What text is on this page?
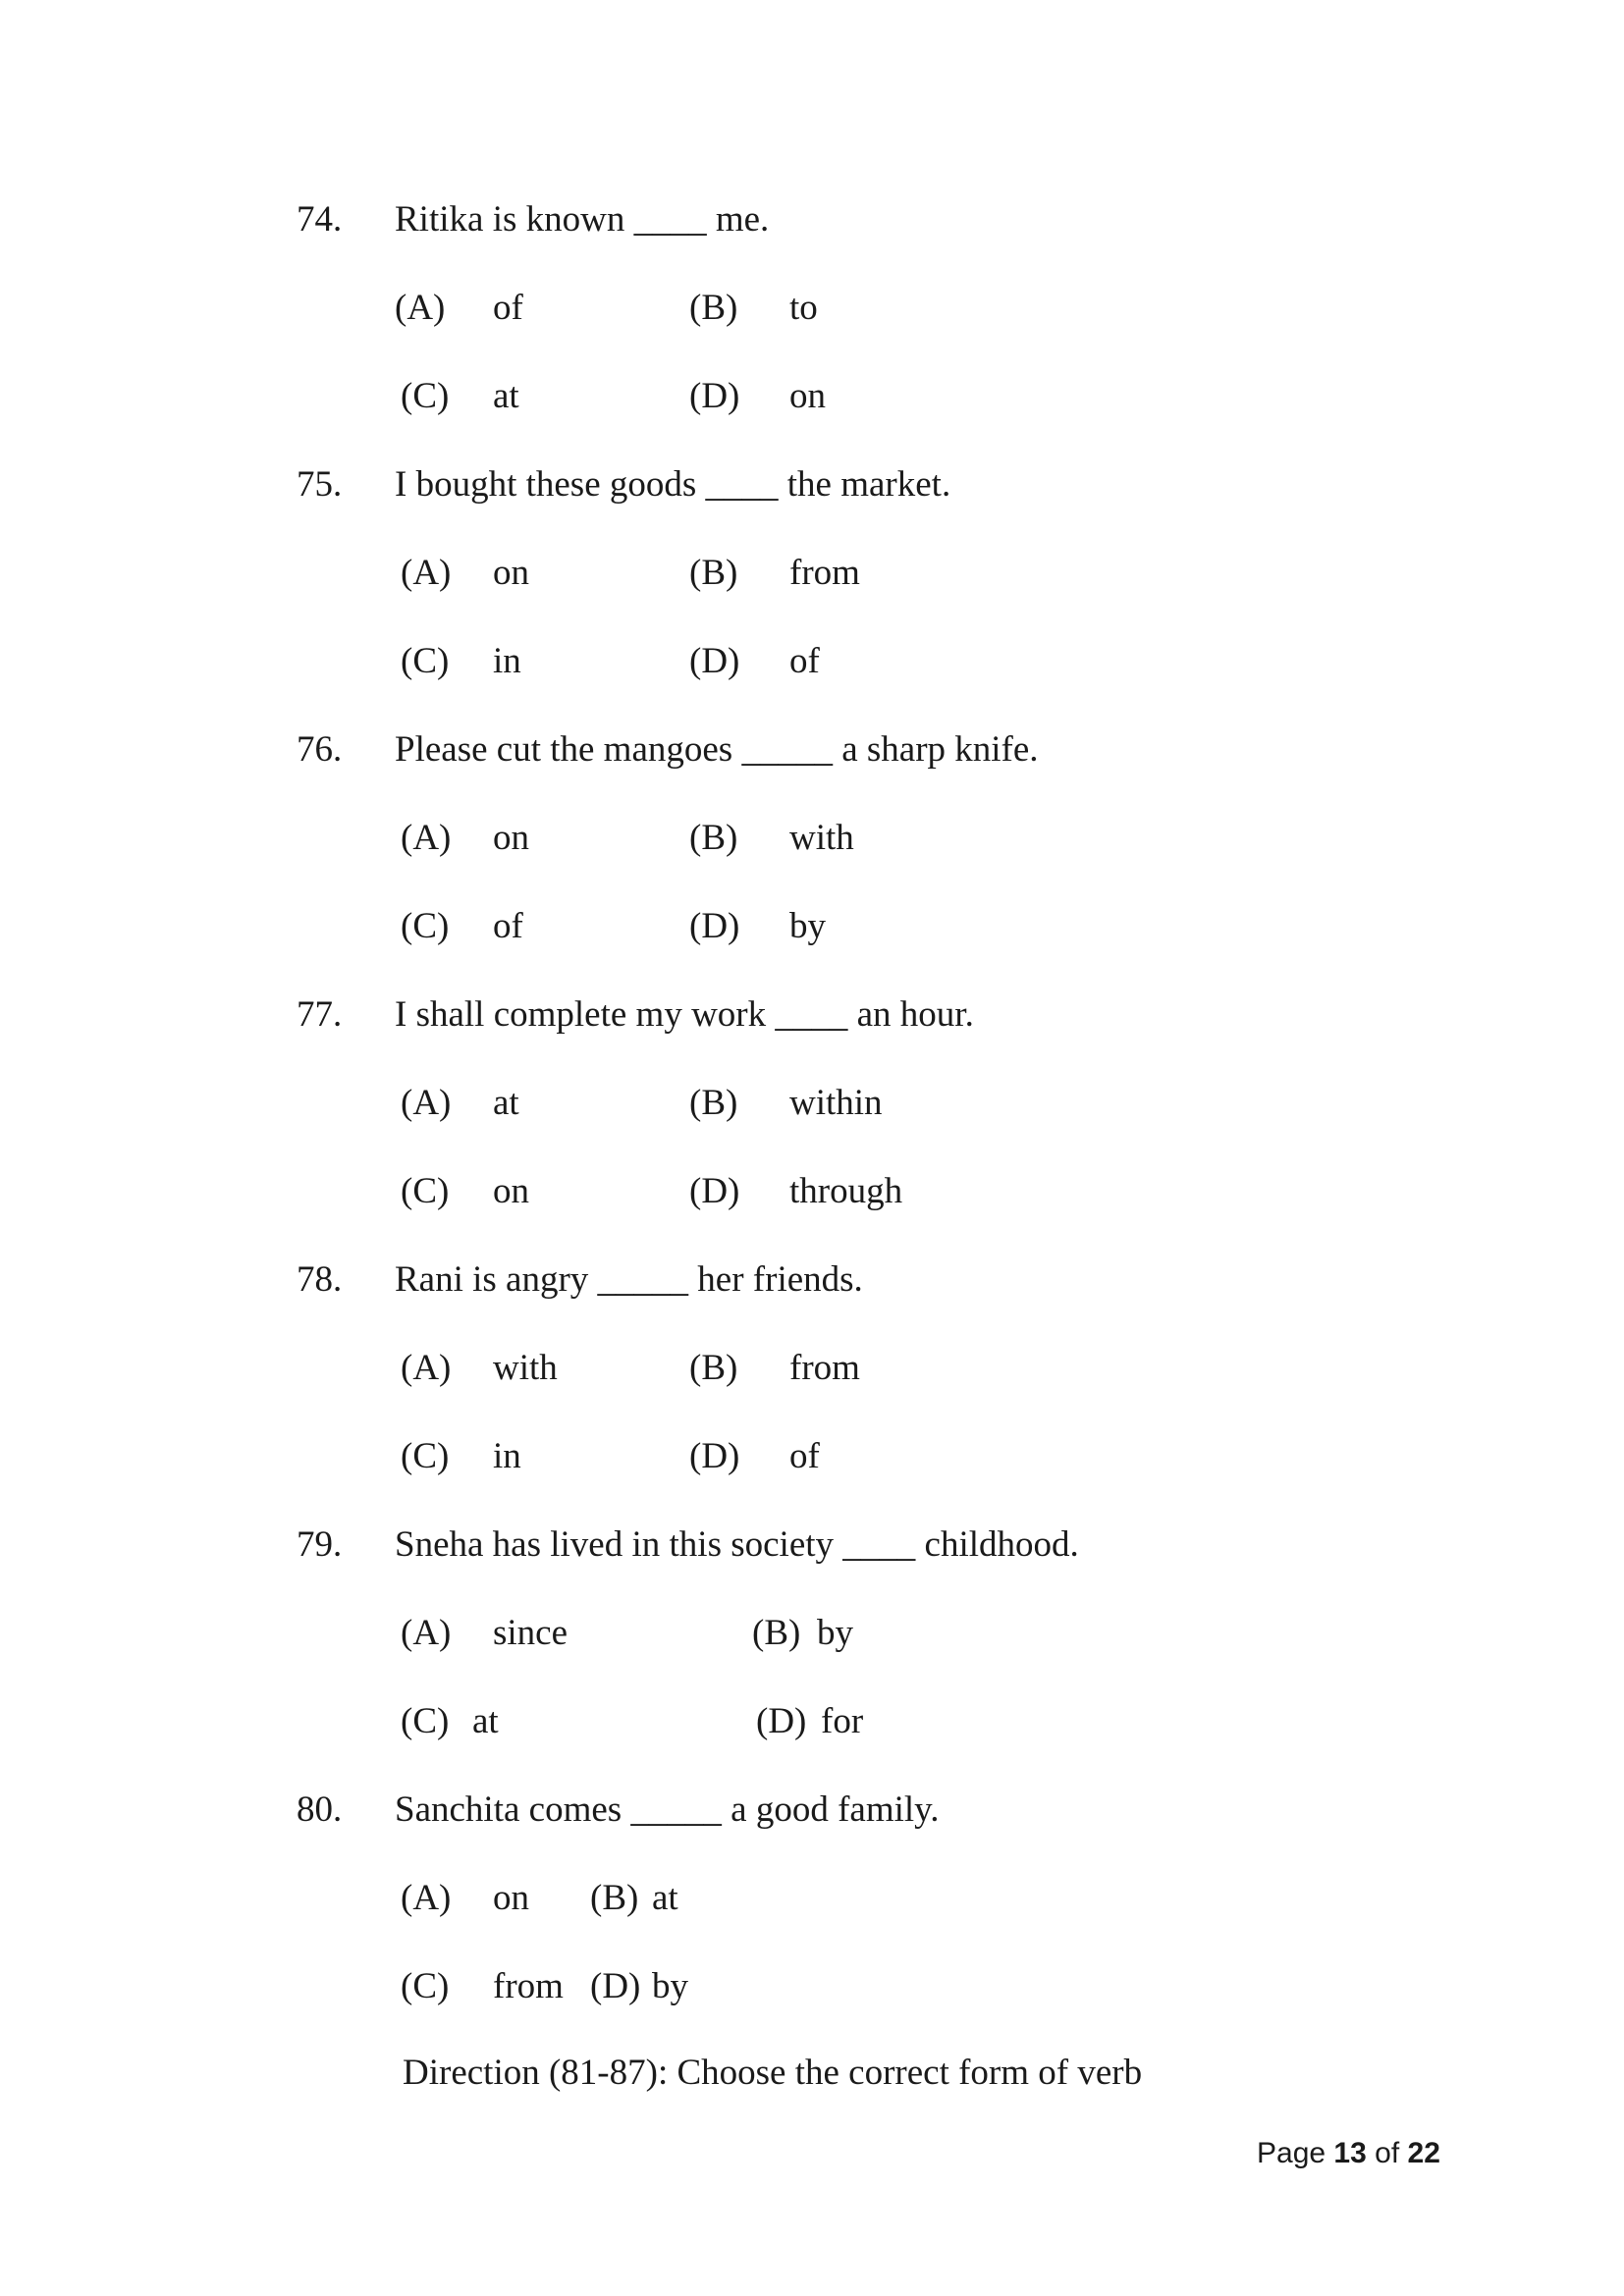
74. Ritika is known ____ me.
(A) of	(B) to
(C) at	(D) on
75. I bought these goods ____ the market.
(A) on	(B) from
(C) in	(D) of
76. Please cut the mangoes _____ a sharp knife.
(A) on	(B) with
(C) of	(D) by
77. I shall complete my work ____ an hour.
(A) at	(B) within
(C) on	(D) through
78. Rani is angry _____ her friends.
(A) with	(B) from
(C) in	(D) of
79. Sneha has lived in this society ____ childhood.
(A) since	(B) by
(C) at	(D) for
80. Sanchita comes _____ a good family.
(A) on (B) at
(C) from (D) by
Direction (81-87): Choose the correct form of verb
Page 13 of 22
